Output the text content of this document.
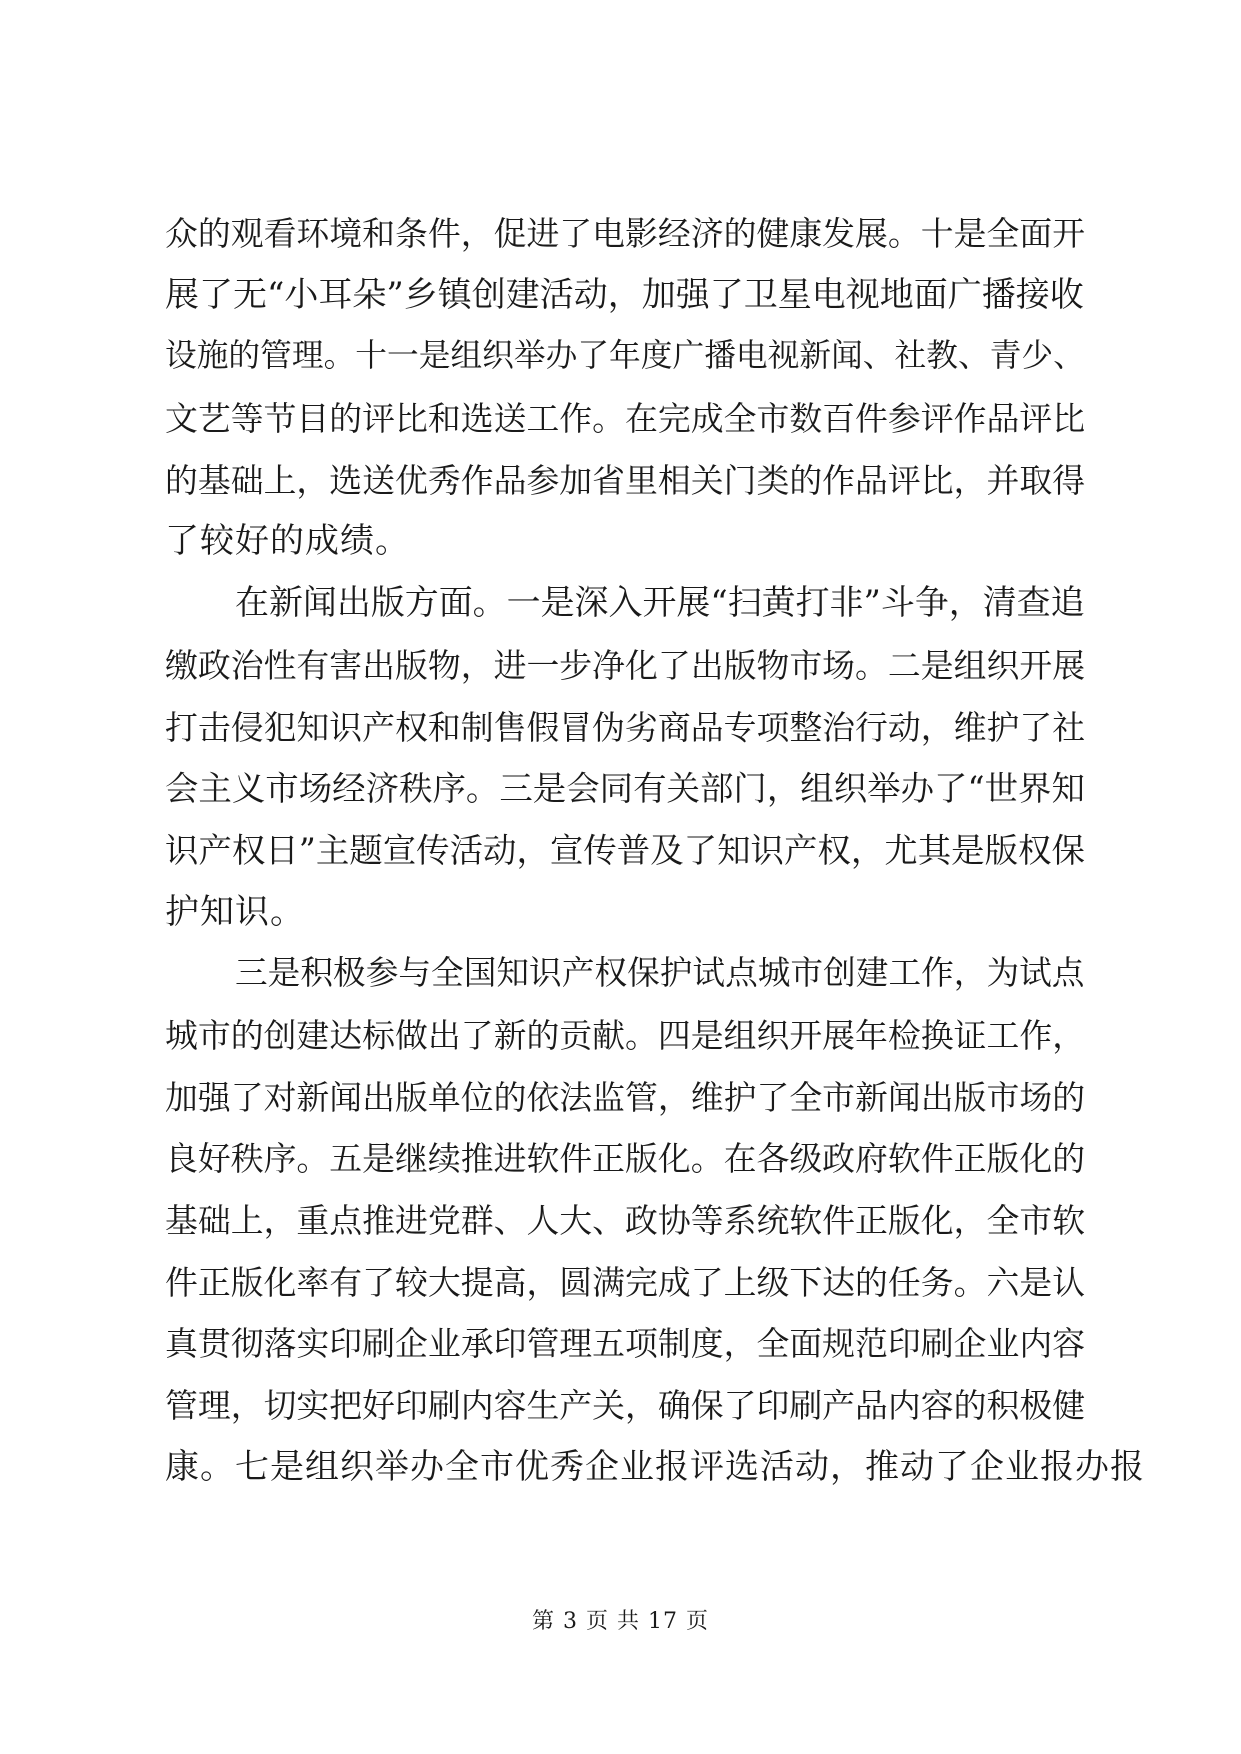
众的观看环境和条件，促进了电影经济的健康发展。十是全面开
展了无“小耳朵”乡镇创建活动，加强了卫星电视地面广播接收
设施的管理。十一是组织举办了年度广播电视新闻、社教、青少、
文艺等节目的评比和选送工作。在完成全市数百件参评作品评比
的基础上，选送优秀作品参加省里相关门类的作品评比，并取得
了较好的成绩。
在新闻出版方面。一是深入开展“扫黄打非”斗争，清查追
缴政治性有害出版物，进一步净化了出版物市场。二是组织开展
打击侵犯知识产权和制售假冒伪劣商品专项整治行动，维护了社
会主义市场经济秩序。三是会同有关部门，组织举办了“世界知
识产权日”主题宣传活动，宣传普及了知识产权，尤其是版权保
护知识。
三是积极参与全国知识产权保护试点城市创建工作，为试点
城市的创建达标做出了新的贡献。四是组织开展年检换证工作，
加强了对新闻出版单位的依法监管，维护了全市新闻出版市场的
良好秩序。五是继续推进软件正版化。在各级政府软件正版化的
基础上，重点推进党群、人大、政协等系统软件正版化，全市软
件正版化率有了较大提高，圆满完成了上级下达的任务。六是认
真贯彻落实印刷企业承印管理五项制度，全面规范印刷企业内容
管理，切实把好印刷内容生产关，确保了印刷产品内容的积极健
康。七是组织举办全市优秀企业报评选活动，推动了企业报办报
第 3 页 共 17 页
